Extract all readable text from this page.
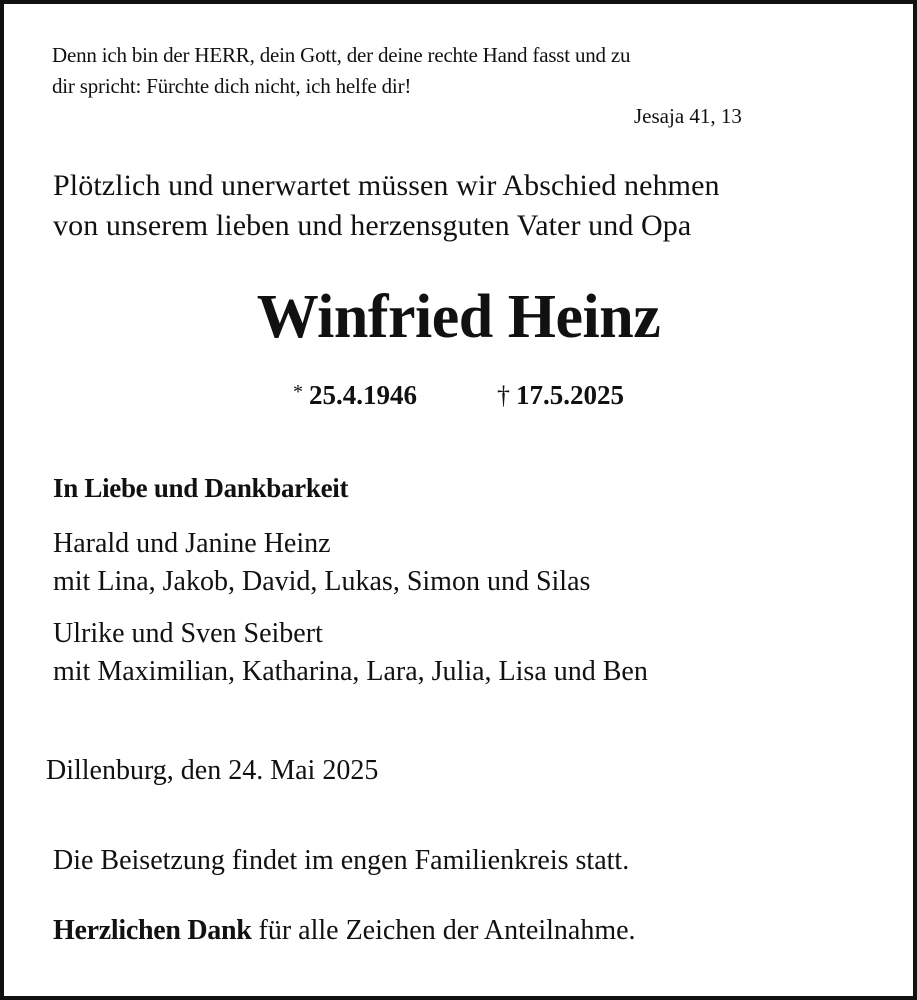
Denn ich bin der HERR, dein Gott, der deine rechte Hand fasst und zu
dir spricht: Fürchte dich nicht, ich helfe dir!
Jesaja 41, 13
Plötzlich und unerwartet müssen wir Abschied nehmen
von unserem lieben und herzensguten Vater und Opa
Winfried Heinz
* 25.4.1946	† 17.5.2025
In Liebe und Dankbarkeit
Harald und Janine Heinz
mit Lina, Jakob, David, Lukas, Simon und Silas
Ulrike und Sven Seibert
mit Maximilian, Katharina, Lara, Julia, Lisa und Ben
Dillenburg, den 24. Mai 2025
Die Beisetzung findet im engen Familienkreis statt.
Herzlichen Dank für alle Zeichen der Anteilnahme.
